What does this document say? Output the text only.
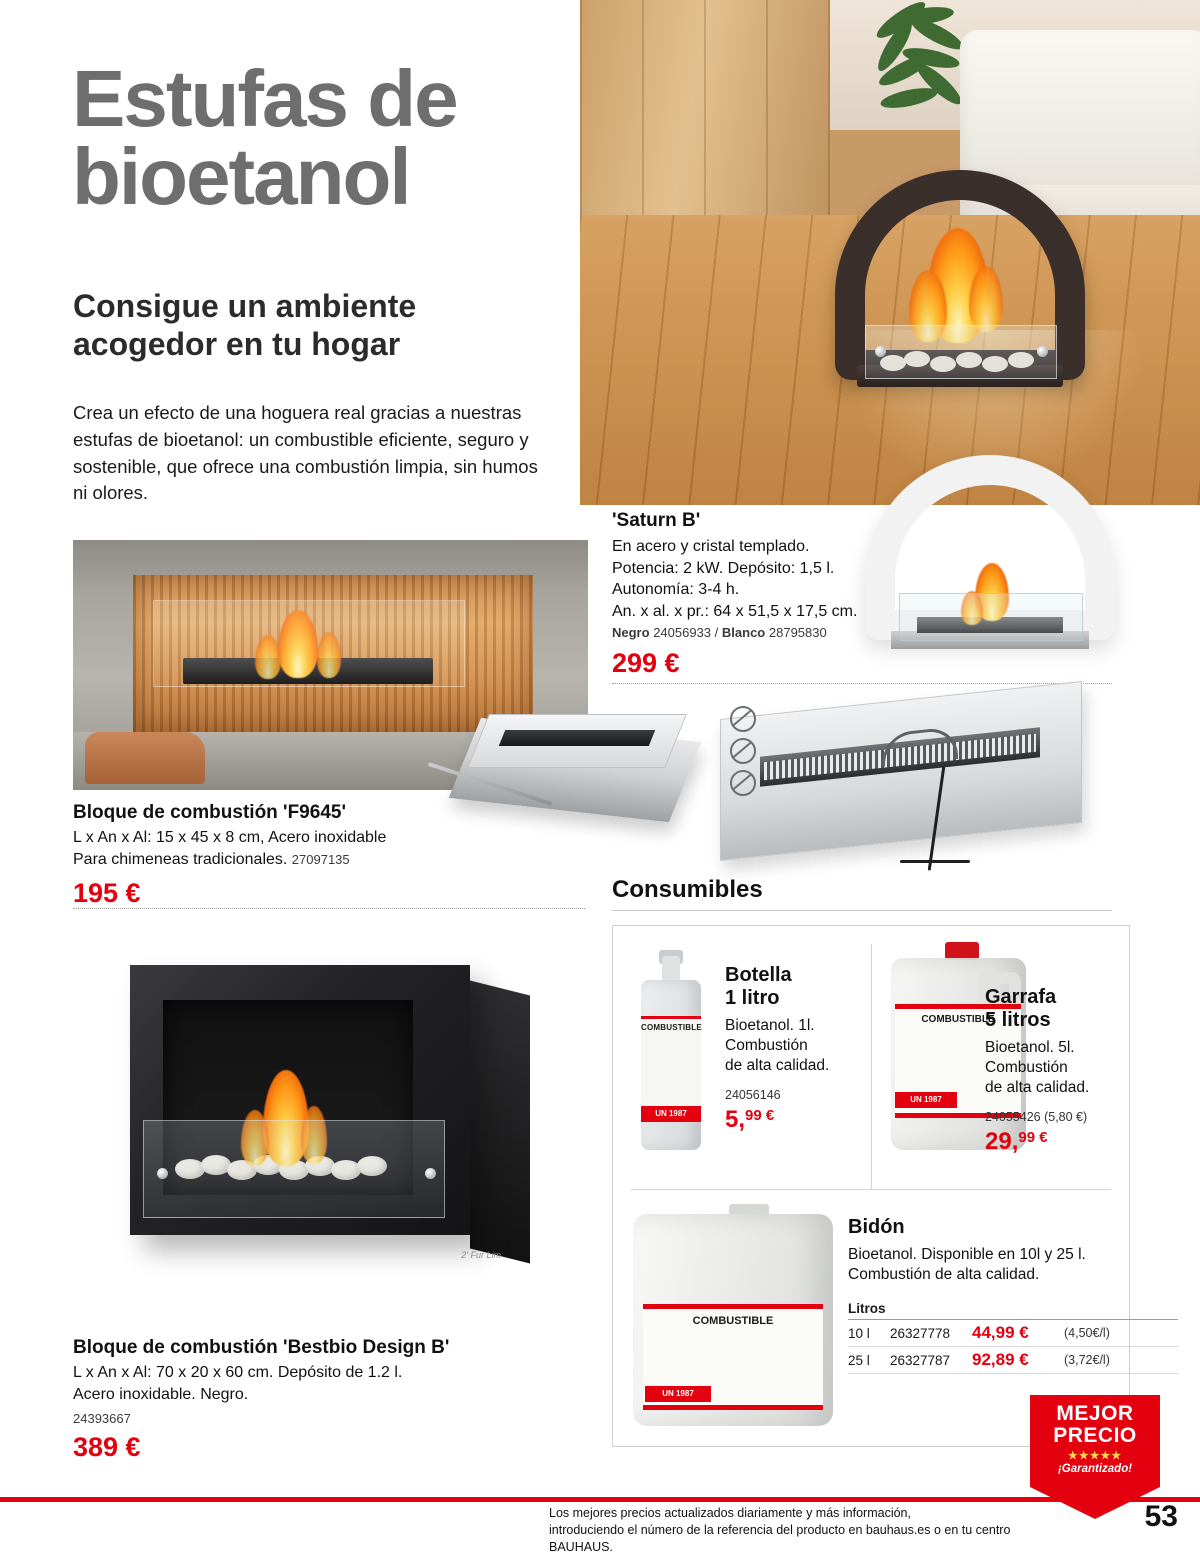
'Saturn B'
En acero y cristal templado.
Potencia: 2 kW. Depósito: 1,5 l.
Autonomía: 3-4 h.
An. x al. x pr.: 64 x 51,5 x 17,5 cm.
Negro 24056933 / Blanco 28795830
299 €
Estufas de
bioetanol
Consigue un ambiente
acogedor en tu hogar
Crea un efecto de una hoguera real gracias a nuestras estufas de bioetanol: un combustible eficiente, seguro y sostenible, que ofrece una combustión limpia, sin humos ni olores.
Bloque de combustión 'F9645'
L x An x Al: 15 x 45 x 8 cm, Acero inoxidable
Para chimeneas tradicionales. 27097135
195 €	Consumibles
COMBUSTIBLE
UN 1987
Botella
1 litro
Bioetanol. 1l.
Combustión
de alta calidad.
24056146
5,$^{99 €}$
COMBUSTIBLE
UN 1987
Garrafa
5 litros
Bioetanol. 5l.
Combustión
de alta calidad.
24055426 (5,80 €)
29,$^{99 €}$
COMBUSTIBLE
UN 1987
Bidón
Bioetanol. Disponible en 10l y 25 l.
Combustión de alta calidad.
Litros			
10 l	26327778	44,99 €	(4,50€/l)
25 l	26327787	92,89 €	(3,72€/l)
2' Fur Lim
Bloque de combustión 'Bestbio Design B'
L x An x Al: 70 x 20 x 60 cm. Depósito de 1.2 l.
Acero inoxidable. Negro.
24393667
389 €
MEJOR
PRECIO
★★★★★
¡Garantizado!
Los mejores precios actualizados diariamente y más información,
introduciendo el número de la referencia del producto en bauhaus.es o en tu centro BAUHAUS.
53
